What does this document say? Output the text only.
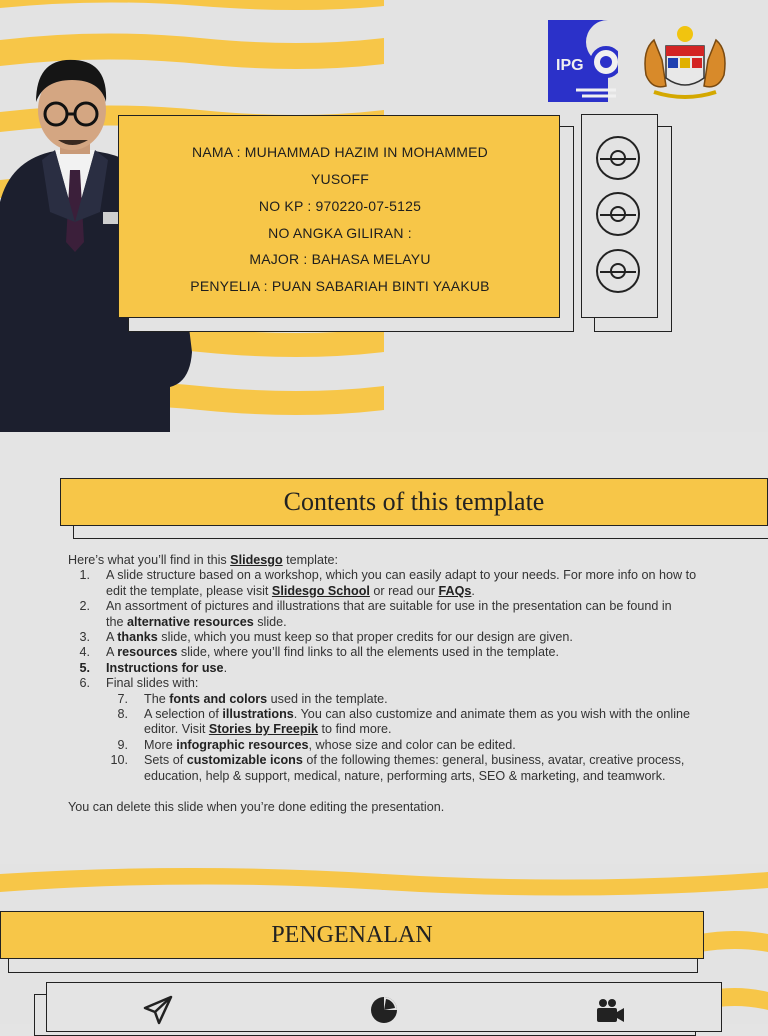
IPG
NAMA : MUHAMMAD HAZIM IN MOHAMMED
YUSOFF
NO KP : 970220-07-5125
NO ANGKA GILIRAN :
MAJOR : BAHASA MELAYU
PENYELIA : PUAN SABARIAH BINTI YAAKUB
Contents of this template
Here’s what you’ll find in this Slidesgo template:
1. A slide structure based on a workshop, which you can easily adapt to your needs. For more info on how to
edit the template, please visit Slidesgo School or read our FAQs.
2. An assortment of pictures and illustrations that are suitable for use in the presentation can be found in
the alternative resources slide.
3. A thanks slide, which you must keep so that proper credits for our design are given.
4. A resources slide, where you’ll find links to all the elements used in the template.
5. Instructions for use.
6. Final slides with:
7. The fonts and colors used in the template.
8. A selection of illustrations. You can also customize and animate them as you wish with the online
editor. Visit Stories by Freepik to find more.
9. More infographic resources, whose size and color can be edited.
10. Sets of customizable icons of the following themes: general, business, avatar, creative process,
education, help & support, medical, nature, performing arts, SEO & marketing, and teamwork.
You can delete this slide when you’re done editing the presentation.
PENGENALAN
